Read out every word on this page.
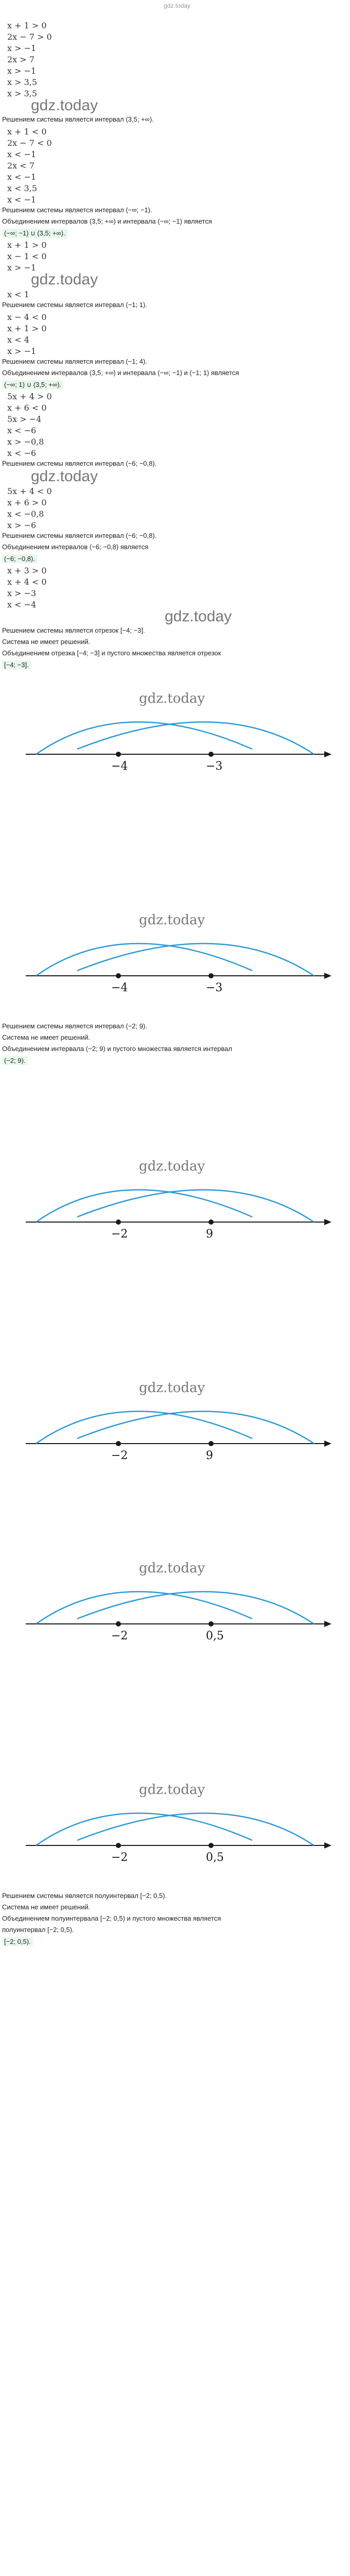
gdz.today
x + 1 > 0
2x − 7 > 0
x > −1
2x > 7
x > −1
x > 3,5
x > 3,5
gdz.today
Решением системы является интервал (3,5; +∞).
x + 1 < 0
2x − 7 < 0
x < −1
2x < 7
x < −1
x < 3,5
x < −1
Решением системы является интервал (−∞; −1).
Объединением интервалов (3,5; +∞) и интервала (−∞; −1) является
(−∞; −1) ∪ (3,5; +∞).
x + 1 > 0
x − 1 < 0
x > −1
gdz.today
x < 1
Решением системы является интервал (−1; 1).
x − 4 < 0
x + 1 > 0
x < 4
x > −1
Решением системы является интервал (−1; 4).
Объединением интервалов (3,5; +∞) и интервала (−∞; −1) и (−1; 1) является
(−∞; 1) ∪ (3,5; +∞).
5x + 4 > 0
x + 6 < 0
5x > −4
x < −6
x > −0,8
x < −6
Решением системы является интервал (−6; −0,8).
gdz.today
5x + 4 < 0
x + 6 > 0
x < −0,8
x > −6
Решением системы является интервал (−6; −0,8).
Объединением интервалов (−6; −0,8) является
(−6; −0,8).
x + 3 > 0
x + 4 < 0
x > −3
x < −4
gdz.today
Решением системы является отрезок [−4; −3].
Система не имеет решений.
Объединением отрезка [−4; −3] и пустого множества является отрезок
[−4; −3].
−4	−3
gdz.today
−4	−3
gdz.today
Решением системы является интервал (−2; 9).
Система не имеет решений.
Объединением интервала (−2; 9) и пустого множества является интервал
(−2; 9).
−2	9
gdz.today
−2	9
gdz.today
−2	0,5
gdz.today
−2	0,5
gdz.today
Решением системы является полуинтервал [−2; 0,5).
Система не имеет решений.
Объединением полуинтервала [−2; 0,5) и пустого множества является
полуинтервал [−2; 0,5).
[−2; 0,5).
